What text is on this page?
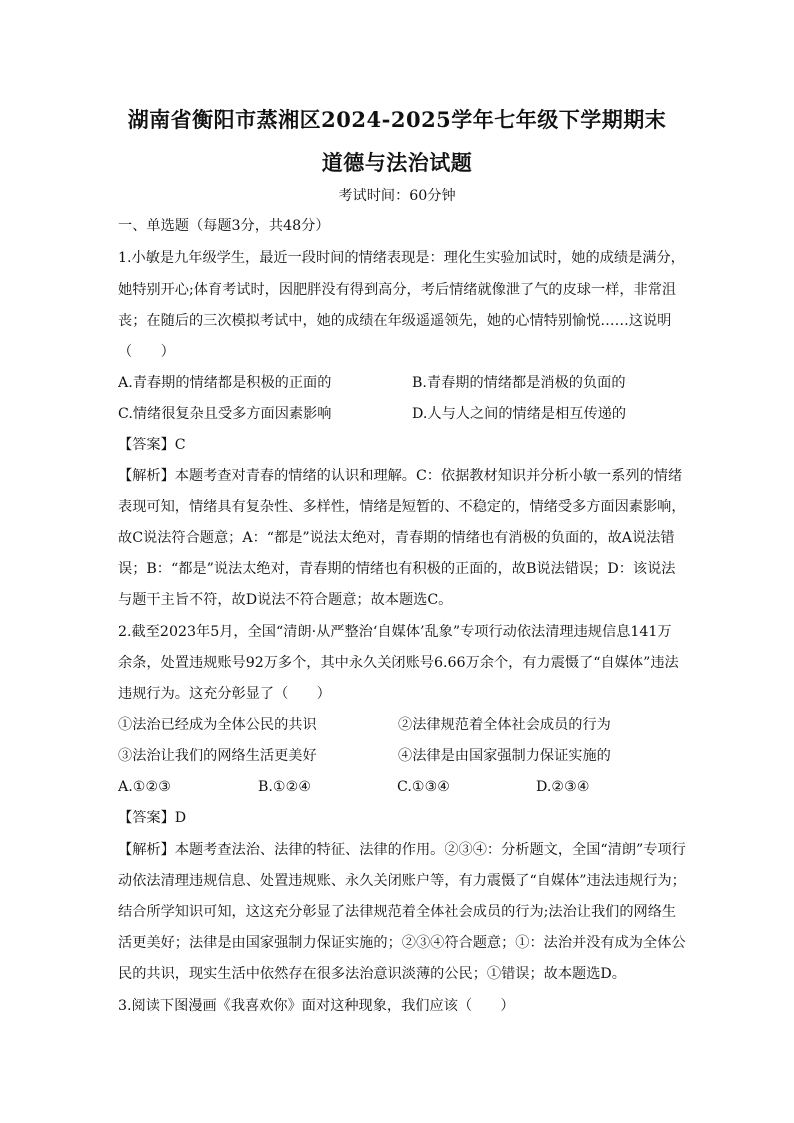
湖南省衡阳市蒸湘区2024-2025学年七年级下学期期末
道德与法治试题
考试时间：60分钟
一、单选题（每题3分，共48分）
1.小敏是九年级学生，最近一段时间的情绪表现是：理化生实验加试时，她的成绩是满分，
她特别开心;体育考试时，因肥胖没有得到高分，考后情绪就像泄了气的皮球一样，非常沮
丧；在随后的三次模拟考试中，她的成绩在年级遥遥领先，她的心情特别愉悦……这说明
（　　）
A.青春期的情绪都是积极的正面的	B.青春期的情绪都是消极的负面的
C.情绪很复杂且受多方面因素影响	D.人与人之间的情绪是相互传递的
【答案】C
【解析】本题考查对青春的情绪的认识和理解。C：依据教材知识并分析小敏一系列的情绪
表现可知，情绪具有复杂性、多样性，情绪是短暂的、不稳定的，情绪受多方面因素影响，
故C说法符合题意；A：“都是”说法太绝对，青春期的情绪也有消极的负面的，故A说法错
误；B：“都是”说法太绝对，青春期的情绪也有积极的正面的，故B说法错误；D：该说法
与题干主旨不符，故D说法不符合题意；故本题选C。
2.截至2023年5月，全国“清朗·从严整治‘自媒体’乱象”专项行动依法清理违规信息141万
余条，处置违规账号92万多个，其中永久关闭账号6.66万余个，有力震慑了“自媒体”违法
违规行为。这充分彰显了（　　）
①法治已经成为全体公民的共识	②法律规范着全体社会成员的行为
③法治让我们的网络生活更美好	④法律是由国家强制力保证实施的
A.①②③	B.①②④	C.①③④	D.②③④
【答案】D
【解析】本题考查法治、法律的特征、法律的作用。②③④：分析题文，全国“清朗”专项行
动依法清理违规信息、处置违规账、永久关闭账户等，有力震慑了“自媒体”违法违规行为；
结合所学知识可知，这这充分彰显了法律规范着全体社会成员的行为;法治让我们的网络生
活更美好；法律是由国家强制力保证实施的；②③④符合题意；①：法治并没有成为全体公
民的共识，现实生活中依然存在很多法治意识淡薄的公民；①错误；故本题选D。
3.阅读下图漫画《我喜欢你》面对这种现象，我们应该（　　）
